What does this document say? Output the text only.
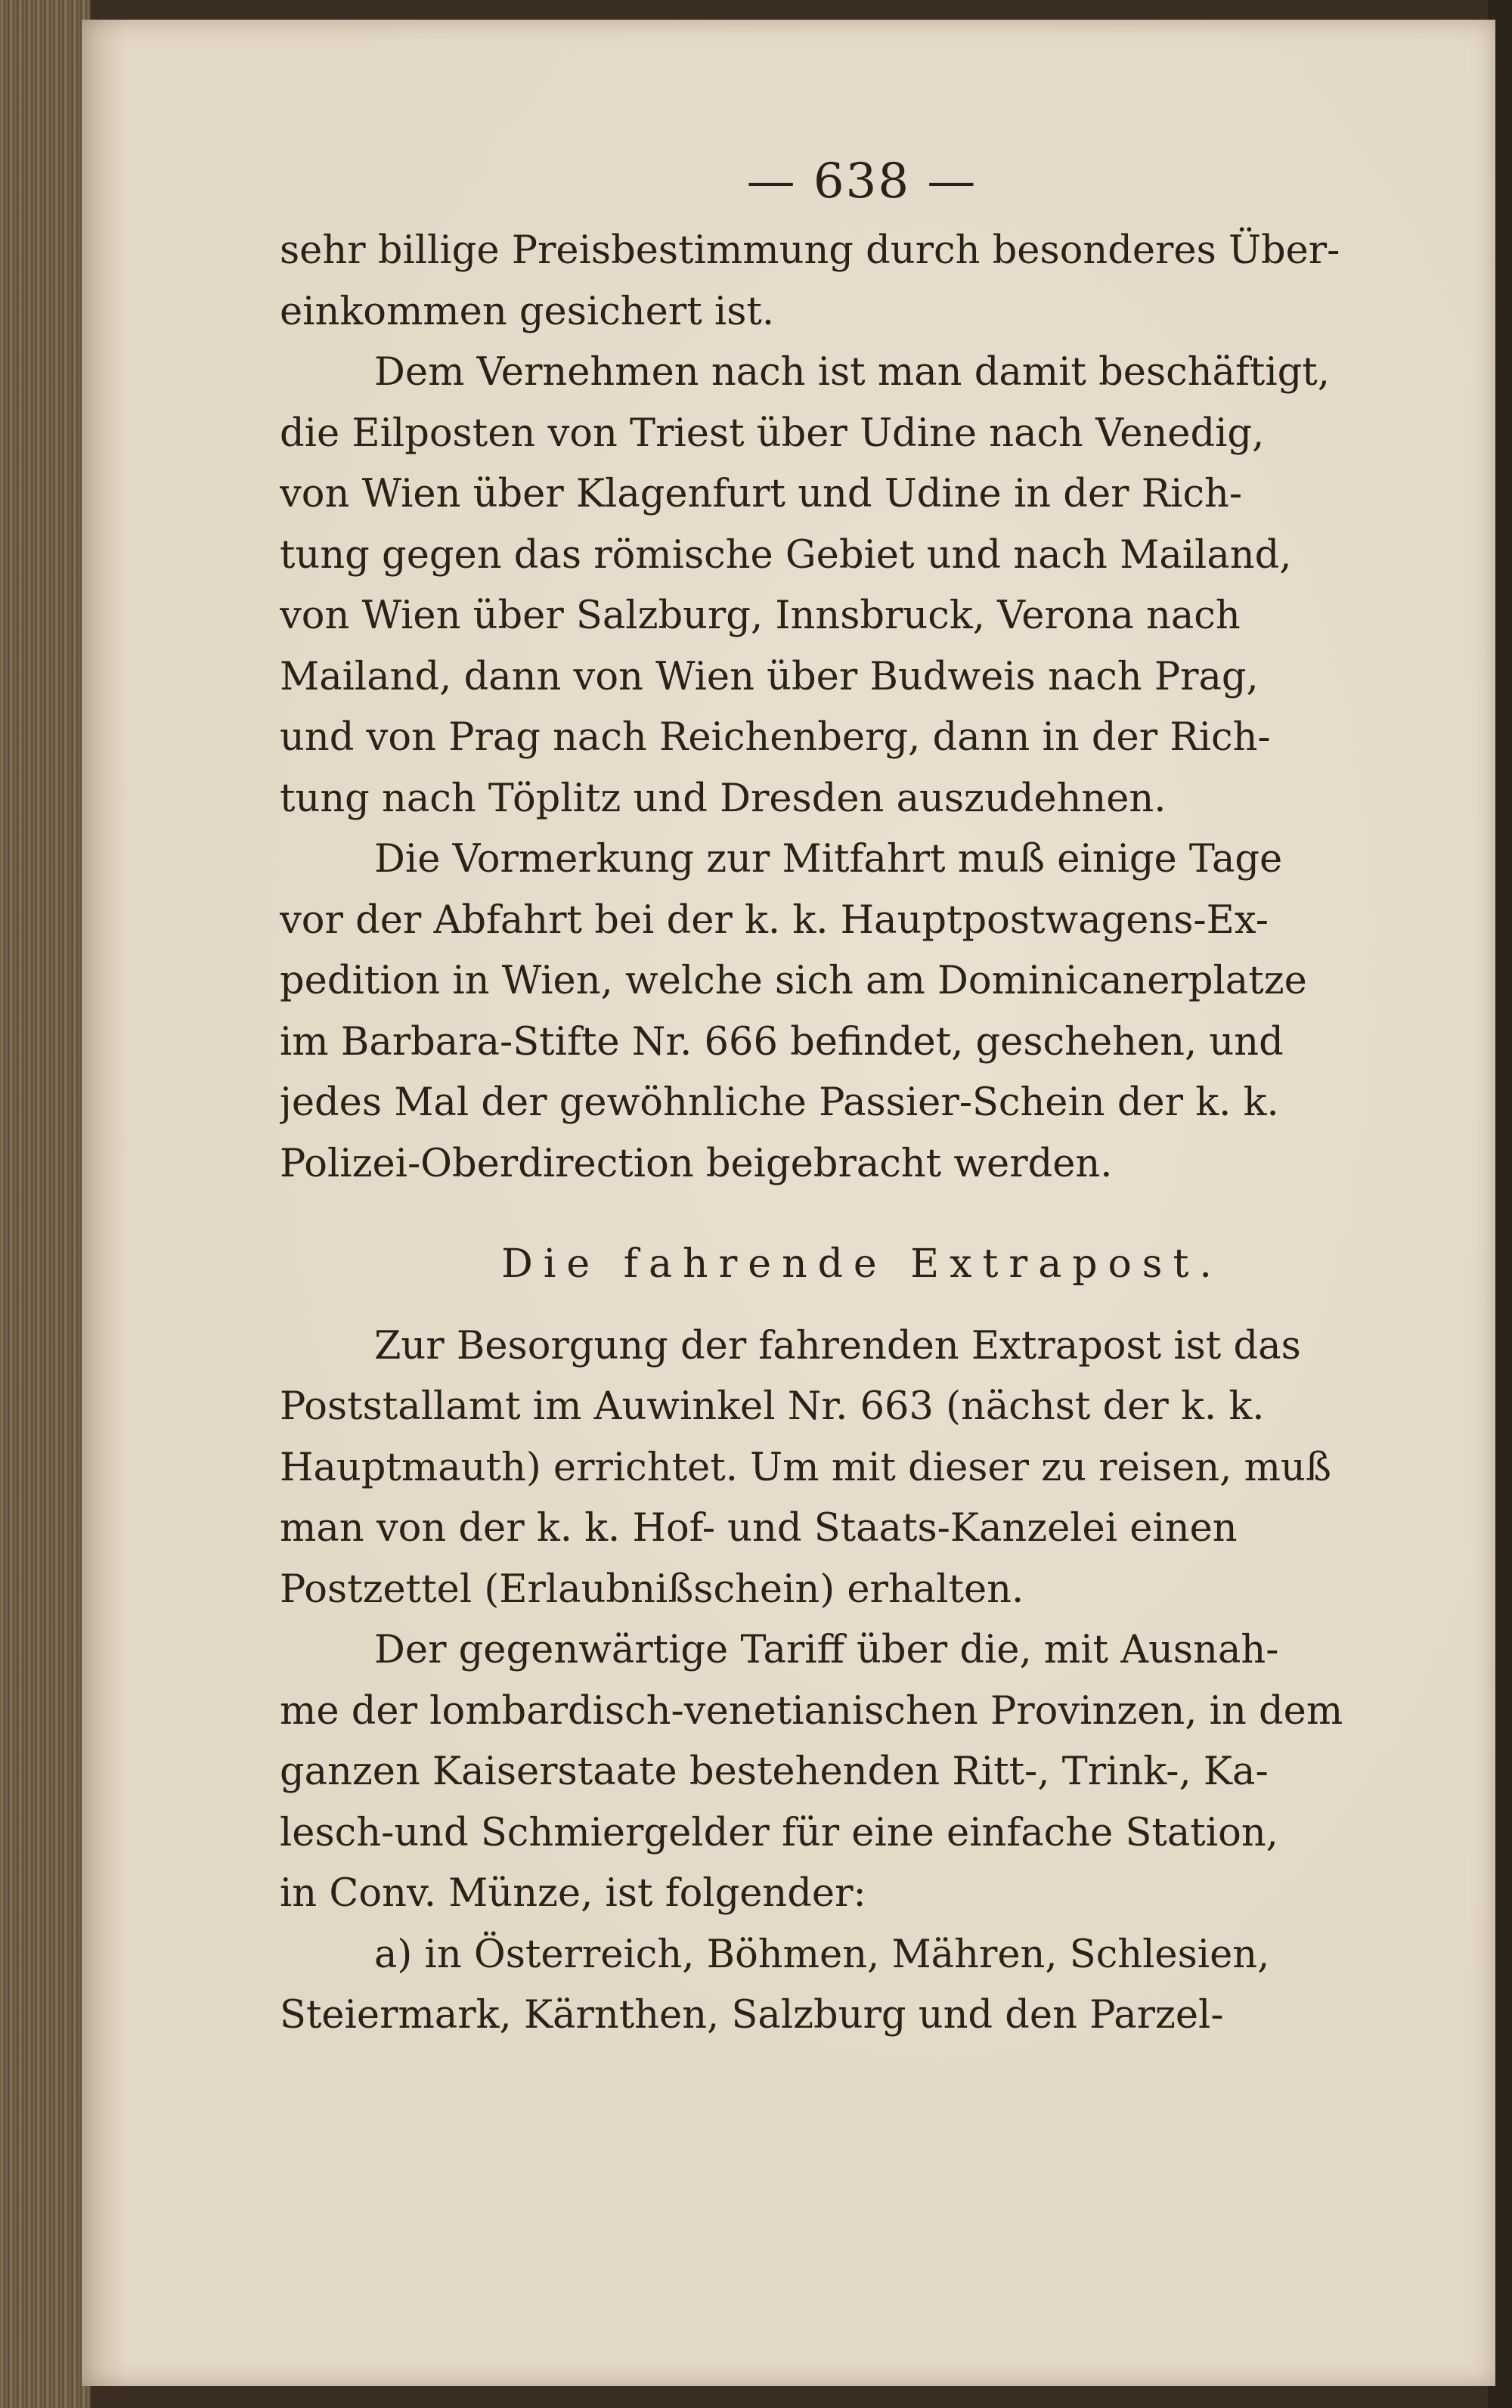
— 638 —
sehr billige Preisbestimmung durch besonderes Über-
einkommen gesichert ist.
Dem Vernehmen nach ist man damit beschäftigt,
die Eilposten von Triest über Udine nach Venedig,
von Wien über Klagenfurt und Udine in der Rich-
tung gegen das römische Gebiet und nach Mailand,
von Wien über Salzburg, Innsbruck, Verona nach
Mailand, dann von Wien über Budweis nach Prag,
und von Prag nach Reichenberg, dann in der Rich-
tung nach Töplitz und Dresden auszudehnen.
Die Vormerkung zur Mitfahrt muß einige Tage
vor der Abfahrt bei der k. k. Hauptpostwagens-Ex-
pedition in Wien, welche sich am Dominicanerplatze
im Barbara-Stifte Nr. 666 befindet, geschehen, und
jedes Mal der gewöhnliche Passier-Schein der k. k.
Polizei-Oberdirection beigebracht werden.
Die fahrende Extrapost.
Zur Besorgung der fahrenden Extrapost ist das
Poststallamt im Auwinkel Nr. 663 (nächst der k. k.
Hauptmauth) errichtet. Um mit dieser zu reisen, muß
man von der k. k. Hof- und Staats-Kanzelei einen
Postzettel (Erlaubnißschein) erhalten.
Der gegenwärtige Tariff über die, mit Ausnah-
me der lombardisch-venetianischen Provinzen, in dem
ganzen Kaiserstaate bestehenden Ritt-, Trink-, Ka-
lesch-und Schmiergelder für eine einfache Station,
in Conv. Münze, ist folgender:
a) in Österreich, Böhmen, Mähren, Schlesien,
Steiermark, Kärnthen, Salzburg und den Parzel-
